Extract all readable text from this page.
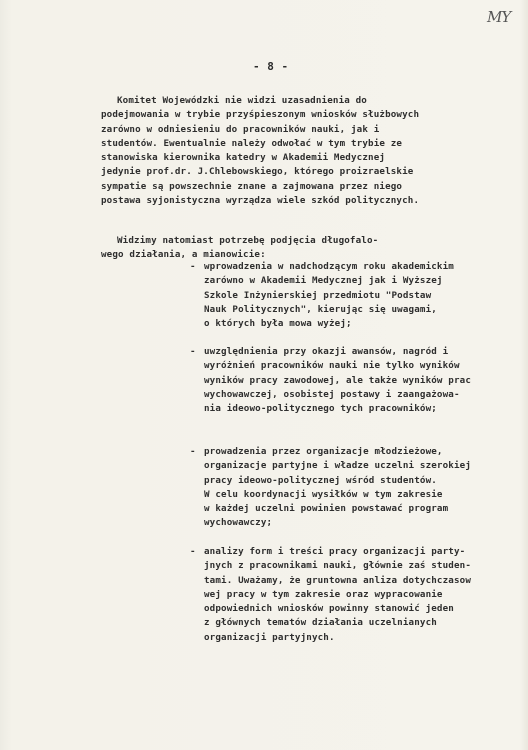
MY
- 8 -
Komitet Wojewódzki nie widzi uzasadnienia do
podejmowania w trybie przyśpieszonym wniosków służbowych
zarówno w odniesieniu do pracowników nauki, jak i
studentów. Ewentualnie należy odwołać w tym trybie ze
stanowiska kierownika katedry w Akademii Medycznej
jedynie prof.dr. J.Chlebowskiego, którego proizraelskie
sympatie są powszechnie znane a zajmowana przez niego
postawa syjonistyczna wyrządza wiele szkód politycznych.
Widzimy natomiast potrzebę podjęcia długofalo-
wego działania, a mianowicie:
- wprowadzenia w nadchodzącym roku akademickim
zarówno w Akademii Medycznej jak i Wyższej
Szkole Inżynierskiej przedmiotu "Podstaw
Nauk Politycznych", kierując się uwagami,
o których była mowa wyżej;
- uwzględnienia przy okazji awansów, nagród i
wyróżnień pracowników nauki nie tylko wyników
wyników pracy zawodowej, ale także wyników prac
wychowawczej, osobistej postawy i zaangażowa-
nia ideowo-politycznego tych pracowników;
- prowadzenia przez organizacje młodzieżowe,
organizacje partyjne i władze uczelni szerokiej
pracy ideowo-politycznej wśród studentów.
W celu koordynacji wysiłków w tym zakresie
w każdej uczelni powinien powstawać program
wychowawczy;
- analizy form i treści pracy organizacji party-
jnych z pracownikami nauki, głównie zaś studen-
tami. Uważamy, że gruntowna anliza dotychczasow
wej pracy w tym zakresie oraz wypracowanie
odpowiednich wniosków powinny stanowić jeden
z głównych tematów działania uczelnianych
organizacji partyjnych.
